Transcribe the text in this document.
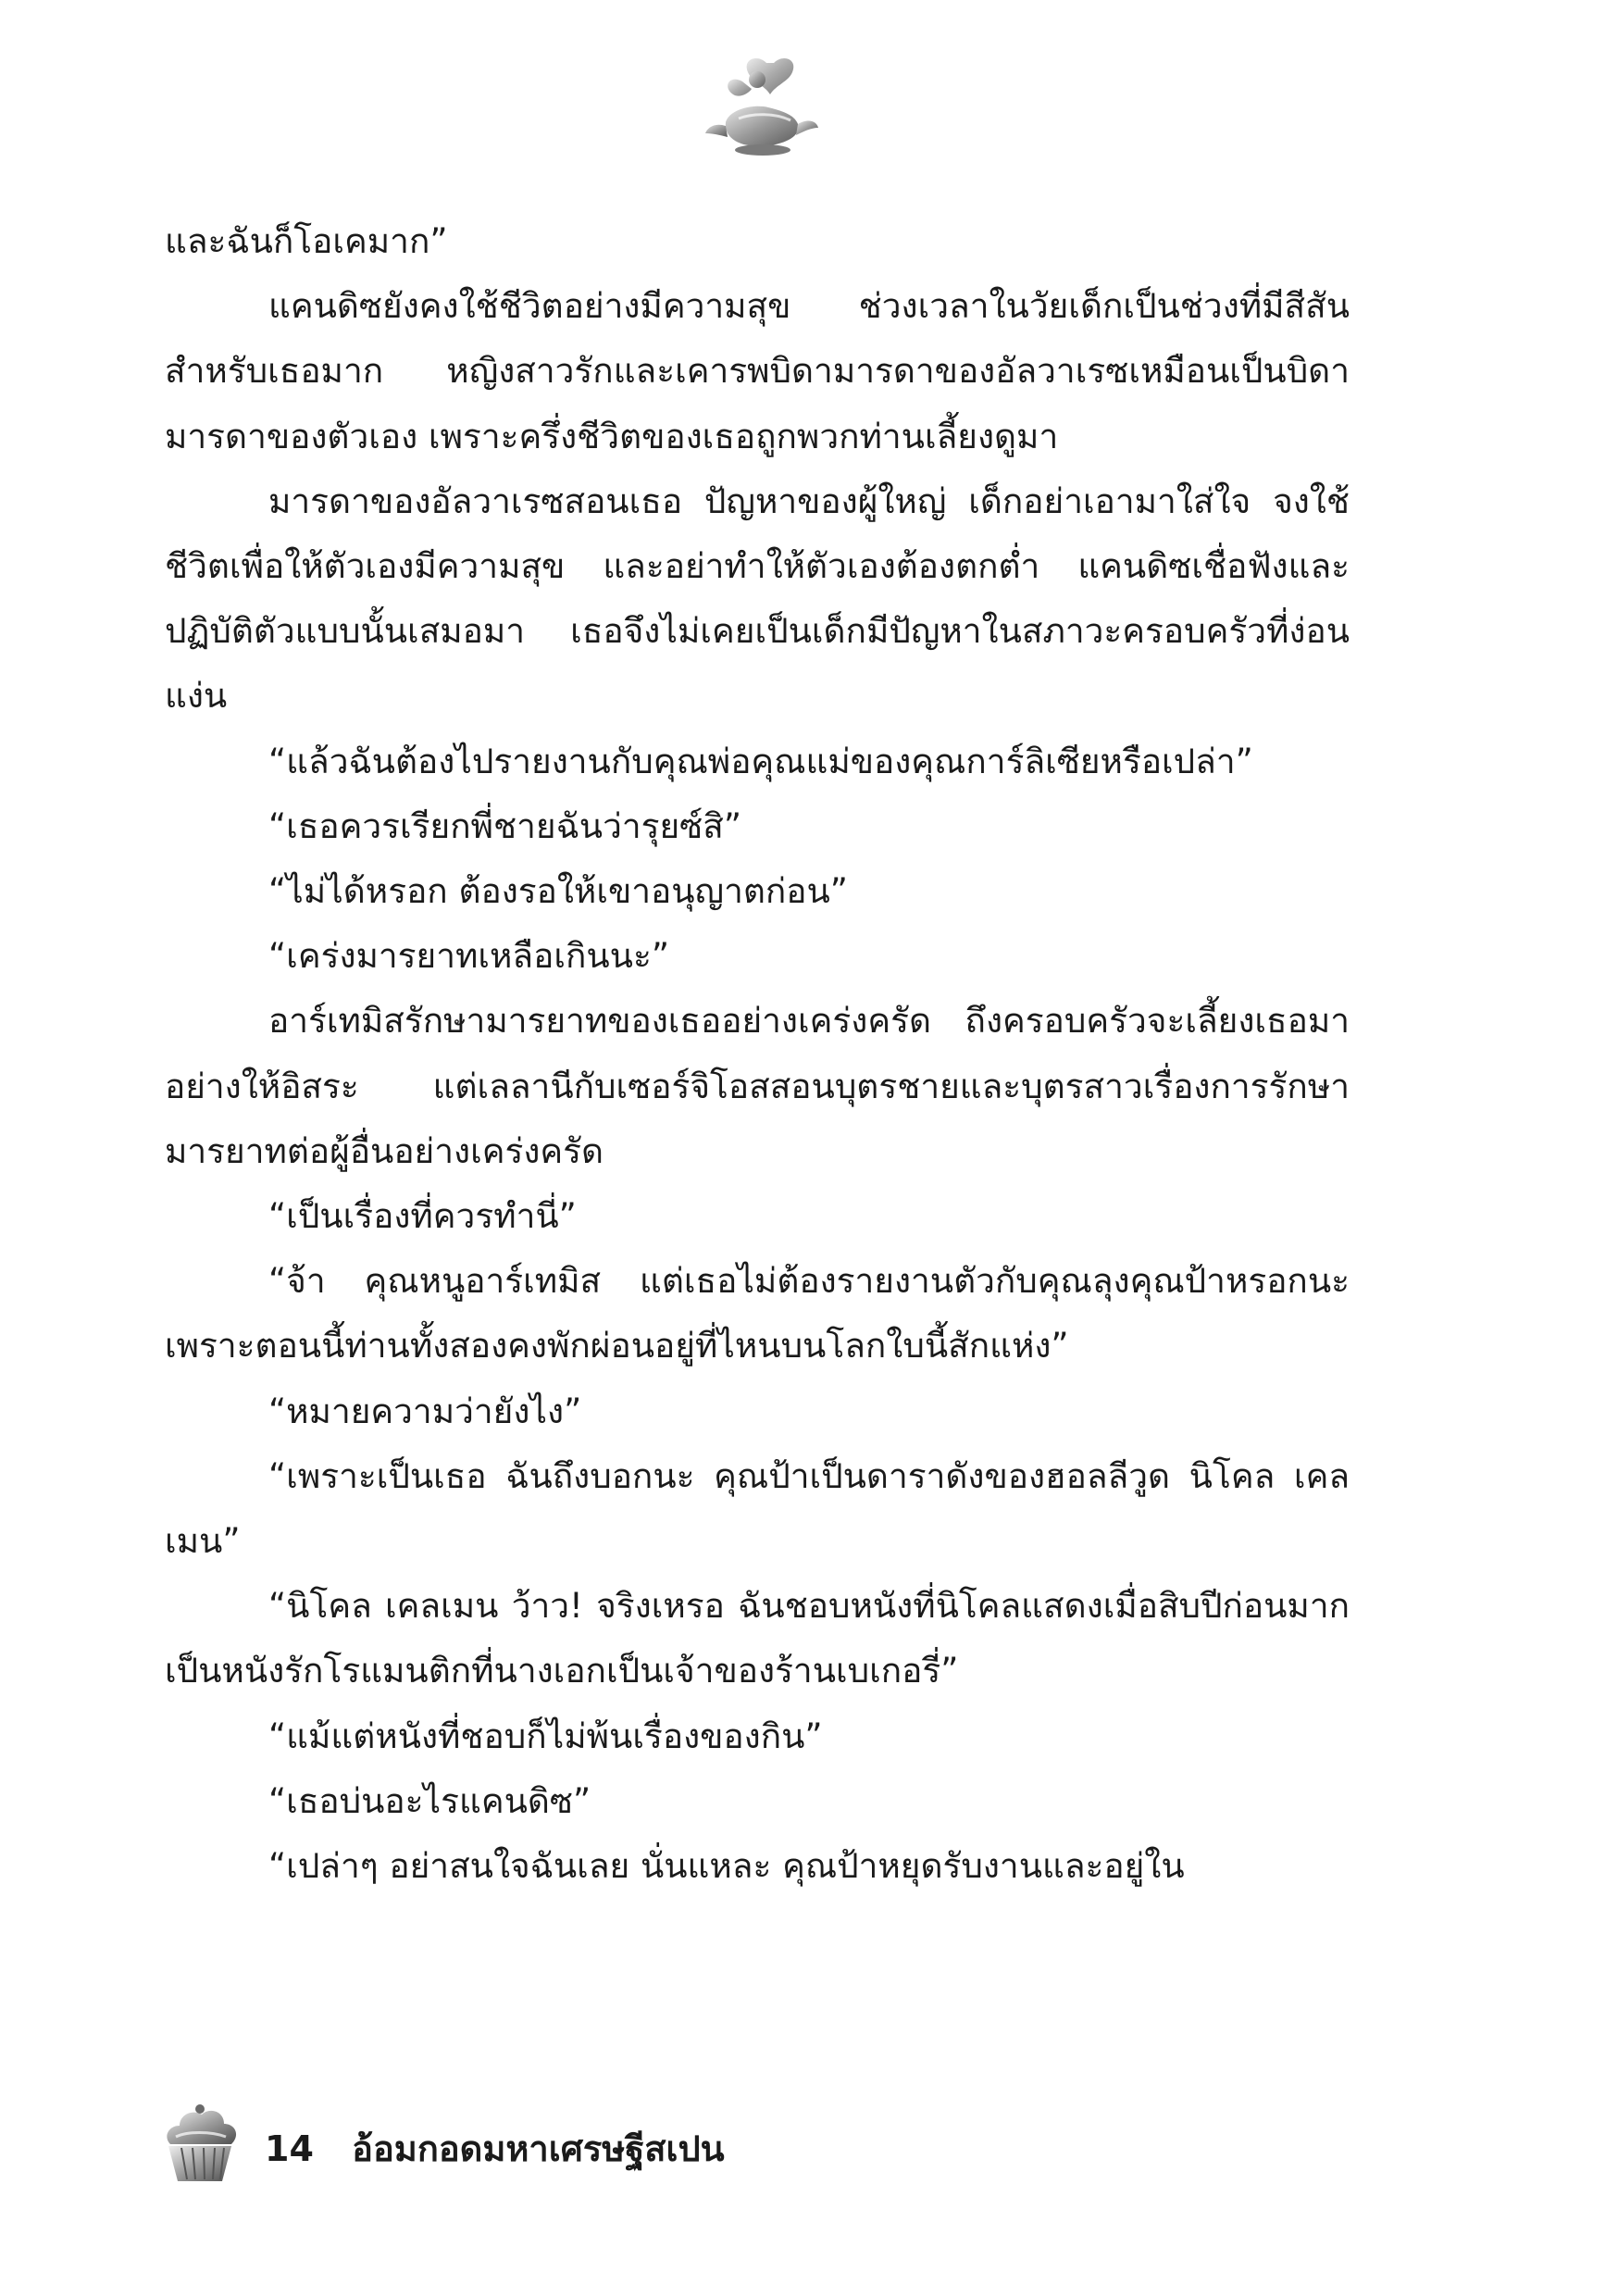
และฉันก็โอเคมาก”

แคนดิซยังคงใช้ชีวิตอย่างมีความสุข ช่วงเวลาในวัยเด็กเป็นช่วงที่มีสีสันสำหรับเธอมาก หญิงสาวรักและเคารพบิดามารดาของอัลวาเรซเหมือนเป็นบิดามารดาของตัวเอง เพราะครึ่งชีวิตของเธอถูกพวกท่านเลี้ยงดูมา

มารดาของอัลวาเรซสอนเธอ ปัญหาของผู้ใหญ่ เด็กอย่าเอามาใส่ใจ จงใช้ชีวิตเพื่อให้ตัวเองมีความสุข และอย่าทำให้ตัวเองต้องตกต่ำ แคนดิซเชื่อฟังและปฏิบัติตัวแบบนั้นเสมอมา เธอจึงไม่เคยเป็นเด็กมีปัญหาในสภาวะครอบครัวที่ง่อนแง่น

“แล้วฉันต้องไปรายงานกับคุณพ่อคุณแม่ของคุณการ์ลิเซียหรือเปล่า”

“เธอควรเรียกพี่ชายฉันว่ารุยซ์สิ”

“ไม่ได้หรอก ต้องรอให้เขาอนุญาตก่อน”

“เคร่งมารยาทเหลือเกินนะ”

อาร์เทมิสรักษามารยาทของเธออย่างเคร่งครัด ถึงครอบครัวจะเลี้ยงเธอมาอย่างให้อิสระ แต่เลลานีกับเซอร์จิโอสสอนบุตรชายและบุตรสาวเรื่องการรักษามารยาทต่อผู้อื่นอย่างเคร่งครัด

“เป็นเรื่องที่ควรทำนี่”

“จ้า คุณหนูอาร์เทมิส แต่เธอไม่ต้องรายงานตัวกับคุณลุงคุณป้าหรอกนะ เพราะตอนนี้ท่านทั้งสองคงพักผ่อนอยู่ที่ไหนบนโลกใบนี้สักแห่ง”

“หมายความว่ายังไง”

“เพราะเป็นเธอ ฉันถึงบอกนะ คุณป้าเป็นดาราดังของฮอลลีวูด นิโคล เคลเมน”

“นิโคล เคลเมน ว้าว! จริงเหรอ ฉันชอบหนังที่นิโคลแสดงเมื่อสิบปีก่อนมาก เป็นหนังรักโรแมนติกที่นางเอกเป็นเจ้าของร้านเบเกอรี่”

“แม้แต่หนังที่ชอบก็ไม่พ้นเรื่องของกิน”

“เธอบ่นอะไรแคนดิซ”

“เปล่าๆ อย่าสนใจฉันเลย นั่นแหละ คุณป้าหยุดรับงานและอยู่ใน

14 อ้อมกอดมหาเศรษฐีสเปน
